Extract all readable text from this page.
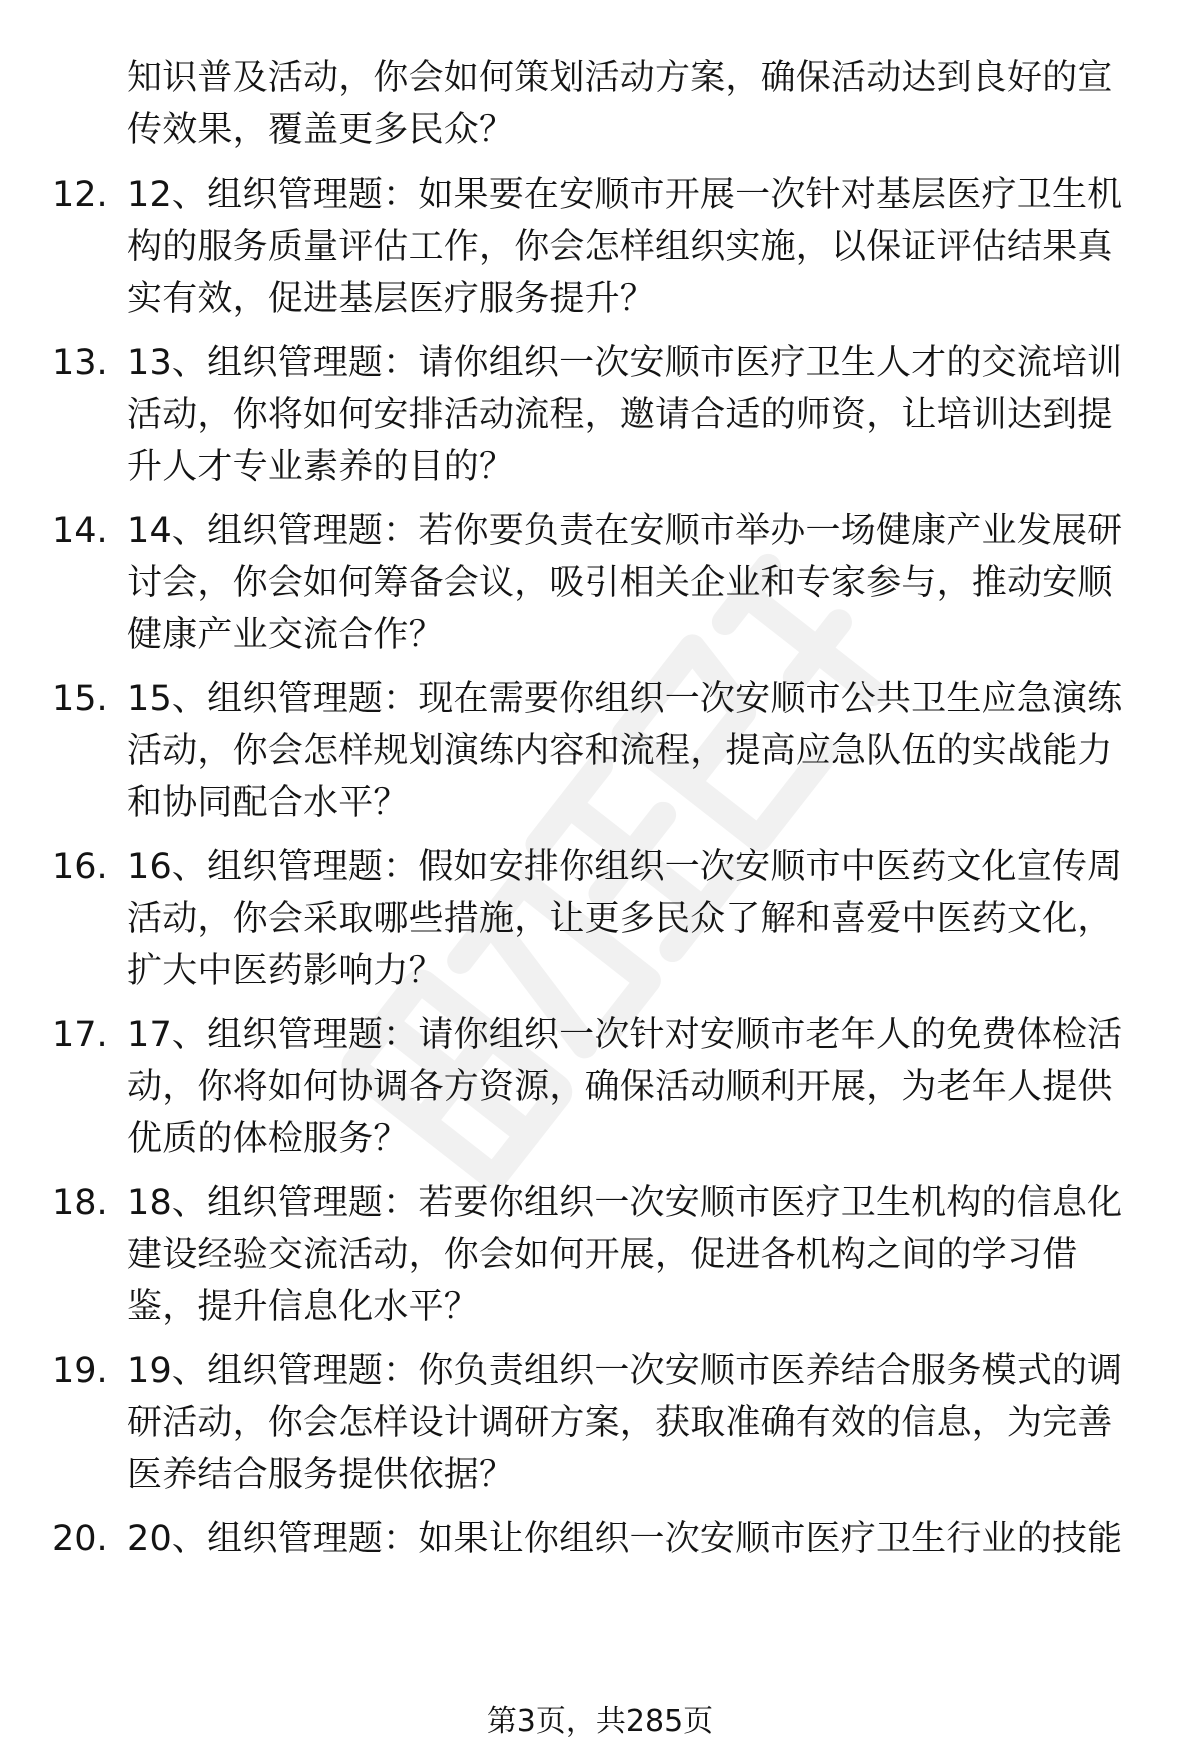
知识普及活动，你会如何策划活动方案，确保活动达到良好的宣
传效果，覆盖更多民众？
12. 12、组织管理题：如果要在安顺市开展一次针对基层医疗卫生机
构的服务质量评估工作，你会怎样组织实施，以保证评估结果真
实有效，促进基层医疗服务提升？
13. 13、组织管理题：请你组织一次安顺市医疗卫生人才的交流培训
活动，你将如何安排活动流程，邀请合适的师资，让培训达到提
升人才专业素养的目的？
14. 14、组织管理题：若你要负责在安顺市举办一场健康产业发展研
讨会，你会如何筹备会议，吸引相关企业和专家参与，推动安顺
健康产业交流合作？
15. 15、组织管理题：现在需要你组织一次安顺市公共卫生应急演练
活动，你会怎样规划演练内容和流程，提高应急队伍的实战能力
和协同配合水平？
16. 16、组织管理题：假如安排你组织一次安顺市中医药文化宣传周
活动，你会采取哪些措施，让更多民众了解和喜爱中医药文化，
扩大中医药影响力？
17. 17、组织管理题：请你组织一次针对安顺市老年人的免费体检活
动，你将如何协调各方资源，确保活动顺利开展，为老年人提供
优质的体检服务？
18. 18、组织管理题：若要你组织一次安顺市医疗卫生机构的信息化
建设经验交流活动，你会如何开展，促进各机构之间的学习借
鉴，提升信息化水平？
19. 19、组织管理题：你负责组织一次安顺市医养结合服务模式的调
研活动，你会怎样设计调研方案，获取准确有效的信息，为完善
医养结合服务提供依据？
20. 20、组织管理题：如果让你组织一次安顺市医疗卫生行业的技能
第3页，共285页
